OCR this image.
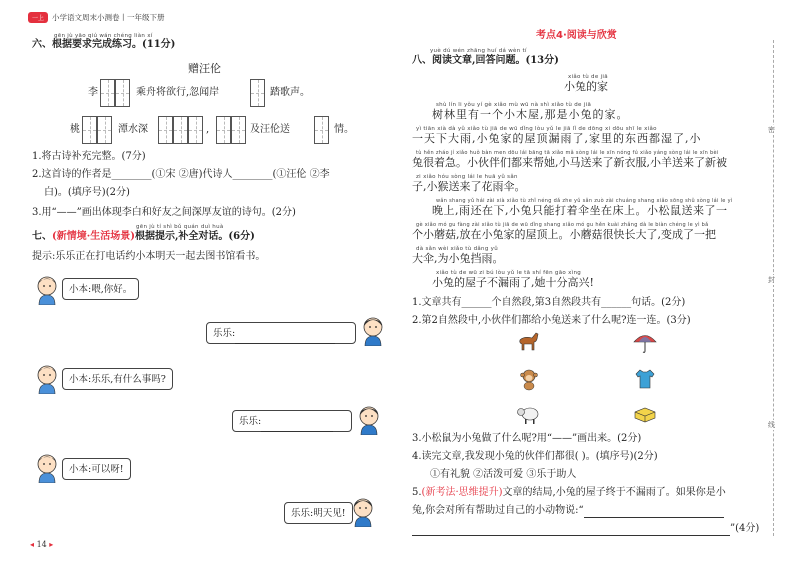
一上	小学语文周末小测卷丨一年级下册
gēn jù yāo qiú wán chéng liàn xí
六、根据要求完成练习。(11分)
赠汪伦
李	乘舟将欲行,忽闻岸	踏歌声。
桃	潭水深	,	及汪伦送	情。
1.将古诗补充完整。(7分)
2.这首诗的作者是________(①宋 ②唐)代诗人________(①汪伦 ②李
白)。(填序号)(2分)
3.用“——”画出体现李白和好友之间深厚友谊的诗句。(2分)
gēn jù tí shì bǔ quán duì huà
七、(新情境·生活场景)根据提示,补全对话。(6分)
提示:乐乐正在打电话约小本明天一起去图书馆看书。
小本:喂,你好。
乐乐:
小本:乐乐,有什么事吗?
乐乐:
小本:可以呀!
乐乐:明天见!
◂ 14 ▸
考点4·阅读与欣赏
yuè dú wén zhāng huí dá wèn tí
八、阅读文章,回答问题。(13分)
xiǎo tù de jiā
小兔的家
shù lín li yǒu yí gè xiǎo mù wū nà shì xiǎo tù de jiā
树林里有一个小木屋,那是小兔的家。
yì tiān xià dà yǔ xiǎo tù jiā de wū dǐng lòu yǔ le jiā lǐ de dōng xi dōu shī le xiǎo
一天下大雨,小兔家的屋顶漏雨了,家里的东西都湿了,小
tù hěn zháo jí xiǎo huǒ bàn men dōu lái bāng tā xiǎo mǎ sòng lái le xīn nóng fú xiǎo yáng sòng lái le xīn bèi
兔很着急。小伙伴们都来帮她,小马送来了新衣服,小羊送来了新被
zi xiǎo hóu sòng lái le huā yǔ sǎn
子,小猴送来了花雨伞。
wǎn shang yǔ hái zài xià xiǎo tù zhǐ néng dǎ zhe yǔ sǎn zuò zài chuáng shang xiǎo sōng shǔ sòng lái le yì
晚上,雨还在下,小兔只能打着伞坐在床上。小松鼠送来了一
gè xiǎo mó gu fàng zài xiǎo tù jiā de wū dǐng shang xiǎo mó gu hěn kuài zhǎng dà le biàn chéng le yì bǎ
个小蘑菇,放在小兔家的屋顶上。小蘑菇很快长大了,变成了一把
dà sǎn wèi xiǎo tù dǎng yǔ
大伞,为小兔挡雨。
xiǎo tù de wū zi bú lòu yǔ le tā shí fēn gāo xìng
小兔的屋子不漏雨了,她十分高兴!
1.文章共有______个自然段,第3自然段共有______句话。(2分)
2.第2自然段中,小伙伴们都给小兔送来了什么呢?连一连。(3分)
3.小松鼠为小兔做了什么呢?用“——”画出来。(2分)
4.读完文章,我发现小兔的伙伴们都很( )。(填序号)(2分)
①有礼貌 ②活泼可爱 ③乐于助人
5.(新考法·思维提升)文章的结局,小兔的屋子终于不漏雨了。如果你是小
兔,你会对所有帮助过自己的小动物说:“
”(4分)
密
封
线
